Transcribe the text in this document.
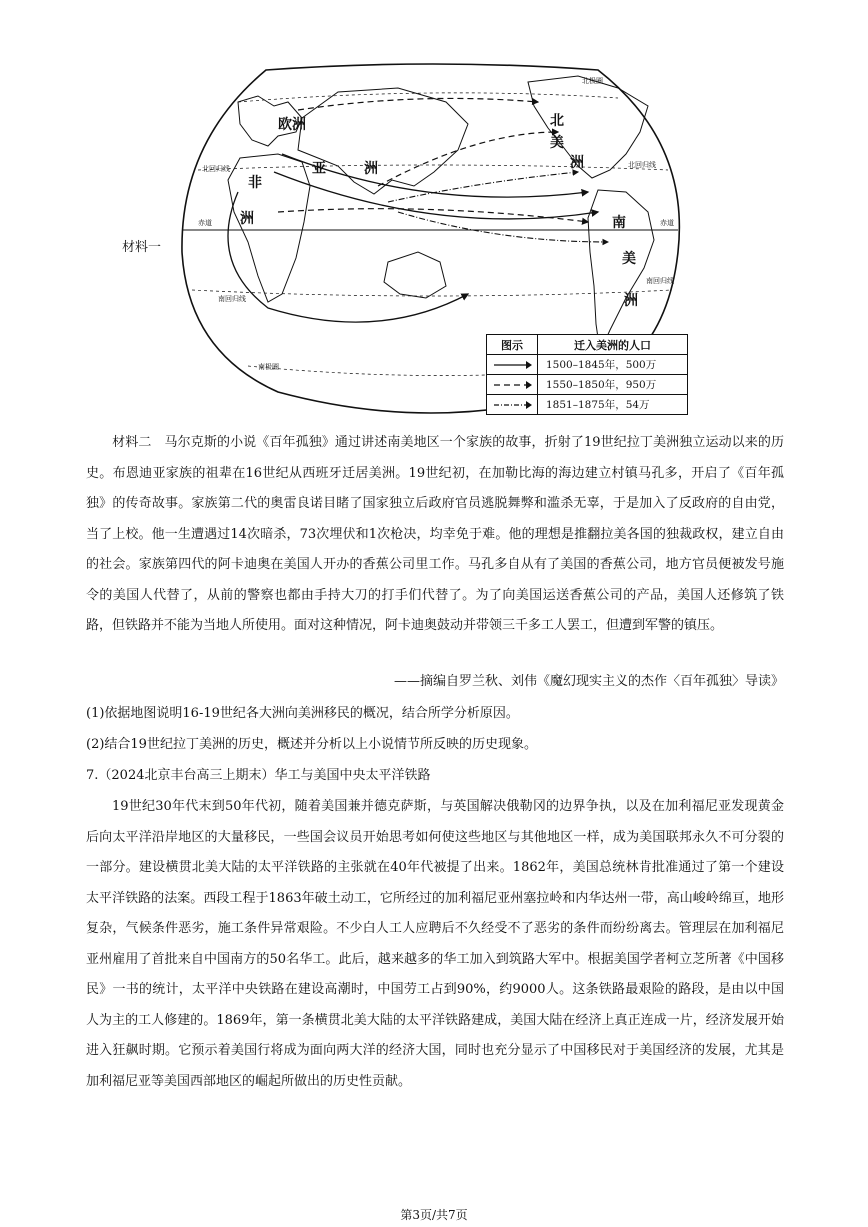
欧洲
亚	洲
非
洲
北
美
洲
南
美
洲
北极圈
北回归线	北回归线
赤道	赤道
南回归线
南回归线
南极圈
图示	迁入美洲的人口
1500–1845年，500万
1550–1850年，950万
1851–1875年，54万
材料一

材料二　马尔克斯的小说《百年孤独》通过讲述南美地区一个家族的故事，折射了19世纪拉丁美洲独立运动以来的历史。布恩迪亚家族的祖辈在16世纪从西班牙迁居美洲。19世纪初，在加勒比海的海边建立村镇马孔多，开启了《百年孤独》的传奇故事。家族第二代的奥雷良诺目睹了国家独立后政府官员逃脱舞弊和滥杀无辜，于是加入了反政府的自由党，当了上校。他一生遭遇过14次暗杀，73次埋伏和1次枪决，均幸免于难。他的理想是推翻拉美各国的独裁政权，建立自由的社会。家族第四代的阿卡迪奥在美国人开办的香蕉公司里工作。马孔多自从有了美国的香蕉公司，地方官员便被发号施令的美国人代替了，从前的警察也都由手持大刀的打手们代替了。为了向美国运送香蕉公司的产品，美国人还修筑了铁路，但铁路并不能为当地人所使用。面对这种情况，阿卡迪奥鼓动并带领三千多工人罢工，但遭到军警的镇压。

——摘编自罗兰秋、刘伟《魔幻现实主义的杰作〈百年孤独〉导读》
(1)依据地图说明16-19世纪各大洲向美洲移民的概况，结合所学分析原因。
(2)结合19世纪拉丁美洲的历史，概述并分析以上小说情节所反映的历史现象。
7.（2024北京丰台高三上期末）华工与美国中央太平洋铁路

19世纪30年代末到50年代初，随着美国兼并德克萨斯，与英国解决俄勒冈的边界争执，以及在加利福尼亚发现黄金后向太平洋沿岸地区的大量移民，一些国会议员开始思考如何使这些地区与其他地区一样，成为美国联邦永久不可分裂的一部分。建设横贯北美大陆的太平洋铁路的主张就在40年代被提了出来。1862年，美国总统林肯批准通过了第一个建设太平洋铁路的法案。西段工程于1863年破土动工，它所经过的加利福尼亚州塞拉岭和内华达州一带，高山峻岭绵亘，地形复杂，气候条件恶劣，施工条件异常艰险。不少白人工人应聘后不久经受不了恶劣的条件而纷纷离去。管理层在加利福尼亚州雇用了首批来自中国南方的50名华工。此后，越来越多的华工加入到筑路大军中。根据美国学者柯立芝所著《中国移民》一书的统计，太平洋中央铁路在建设高潮时，中国劳工占到90%，约9000人。这条铁路最艰险的路段，是由以中国人为主的工人修建的。1869年，第一条横贯北美大陆的太平洋铁路建成，美国大陆在经济上真正连成一片，经济发展开始进入狂飙时期。它预示着美国行将成为面向两大洋的经济大国，同时也充分显示了中国移民对于美国经济的发展，尤其是加利福尼亚等美国西部地区的崛起所做出的历史性贡献。

第3页/共7页
